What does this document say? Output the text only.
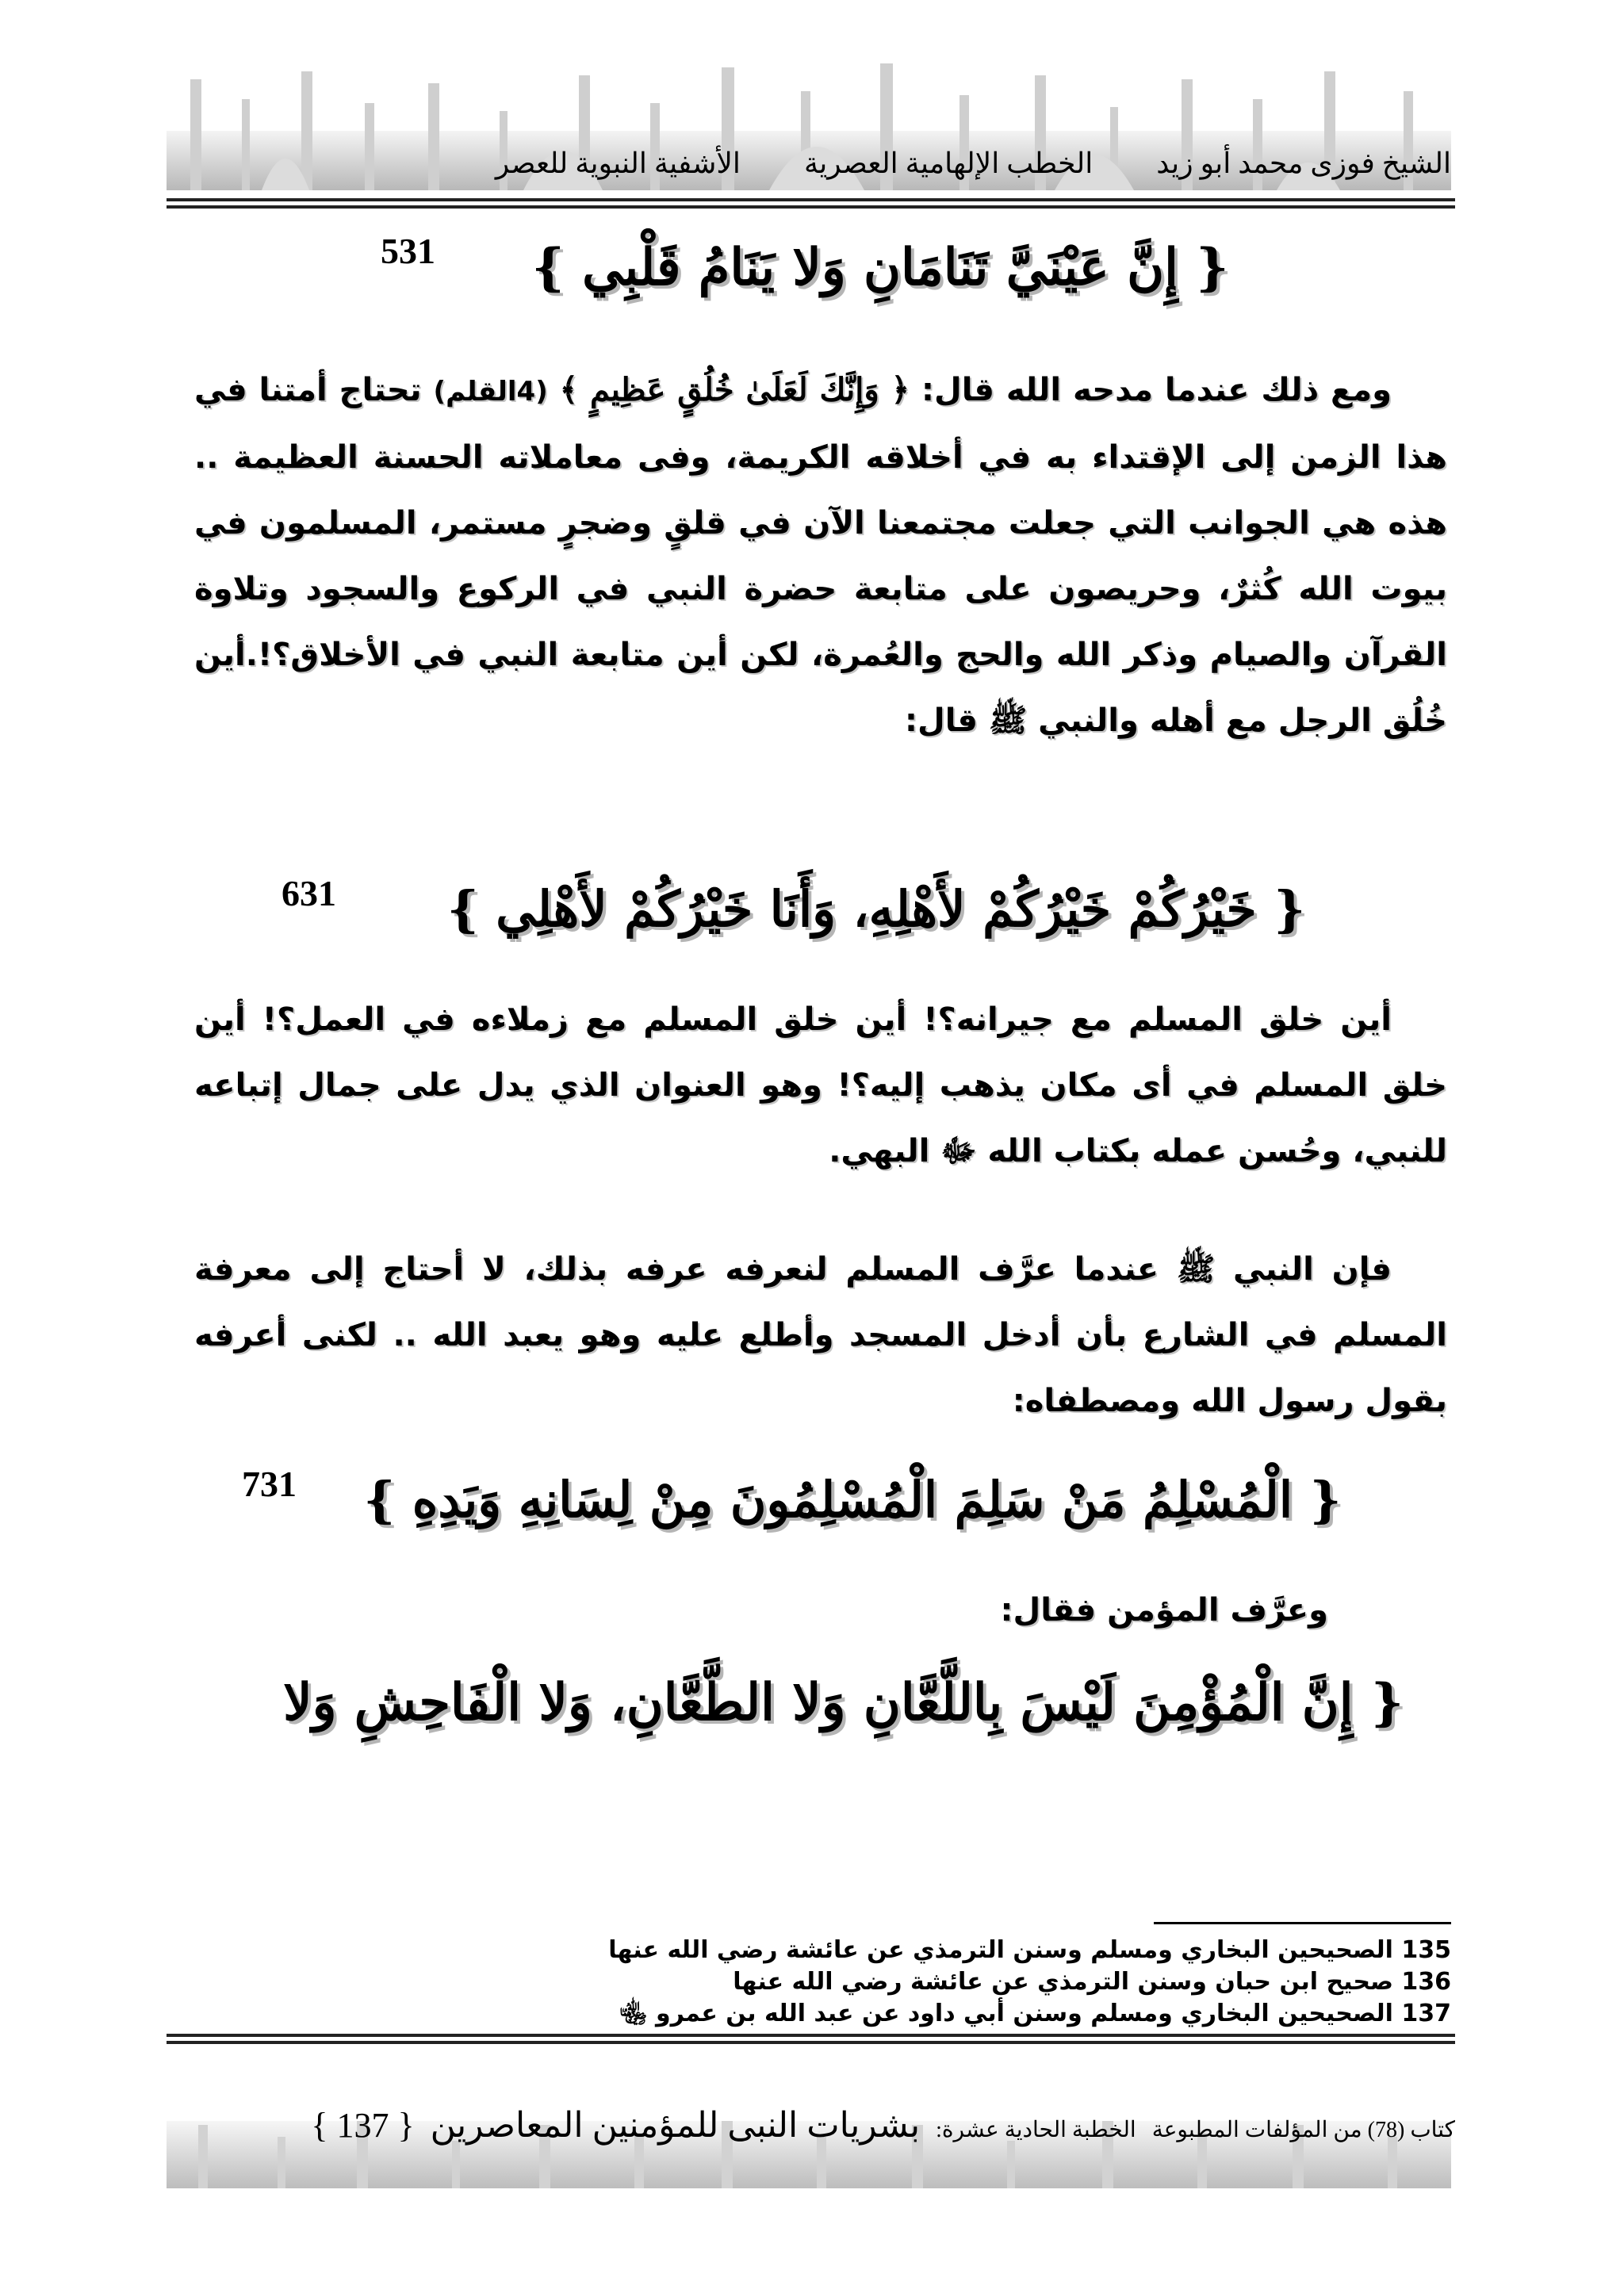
الشيخ فوزى محمد أبو زيد
الخطب الإلهامية العصرية
الأشفية النبوية للعصر
{ إِنَّ عَيْنَيَّ تَنَامَانِ وَلا يَنَامُ قَلْبِي }
531
ومع ذلك عندما مدحه الله قال: ﴿ وَإِنَّكَ لَعَلَىٰ خُلُقٍ عَظِيمٍ ﴾ (4القلم) تحتاج أمتنا في هذا الزمن إلى الإقتداء به في أخلاقه الكريمة، وفى معاملاته الحسنة العظيمة .. هذه هي الجوانب التي جعلت مجتمعنا الآن في قلقٍ وضجرٍ مستمر، المسلمون في بيوت الله كُثرٌ، وحريصون على متابعة حضرة النبي في الركوع والسجود وتلاوة القرآن والصيام وذكر الله والحج والعُمرة، لكن أين متابعة النبي في الأخلاق؟!.أين خُلُق الرجل مع أهله والنبي ﷺ قال:
{ خَيْرُكُمْ خَيْرُكُمْ لأَهْلِهِ، وَأَنَا خَيْرُكُمْ لأَهْلِي }
631
أين خلق المسلم مع جيرانه؟! أين خلق المسلم مع زملاءه في العمل؟! أين خلق المسلم في أى مكان يذهب إليه؟! وهو العنوان الذي يدل على جمال إتباعه للنبي، وحُسن عمله بكتاب الله ﷻ البهي.
فإن النبي ﷺ عندما عرَّف المسلم لنعرفه عرفه بذلك، لا أحتاج إلى معرفة المسلم في الشارع بأن أدخل المسجد وأطلع عليه وهو يعبد الله .. لكنى أعرفه بقول رسول الله ومصطفاه:
{ الْمُسْلِمُ مَنْ سَلِمَ الْمُسْلِمُونَ مِنْ لِسَانِهِ وَيَدِهِ }
731
وعرَّف المؤمن فقال:
{ إِنَّ الْمُؤْمِنَ لَيْسَ بِاللَّعَّانِ وَلا الطَّعَّانِ، وَلا الْفَاحِشِ وَلا
135 الصحيحين البخاري ومسلم وسنن الترمذي عن عائشة رضي الله عنها
136 صحيح ابن حبان وسنن الترمذي عن عائشة رضي الله عنها
137 الصحيحين البخاري ومسلم وسنن أبي داود عن عبد الله بن عمرو ﵄
كتاب (78) من المؤلفات المطبوعة
الخطبة الحادية عشرة:
بشريات النبى للمؤمنين المعاصرين
{ 137 }
